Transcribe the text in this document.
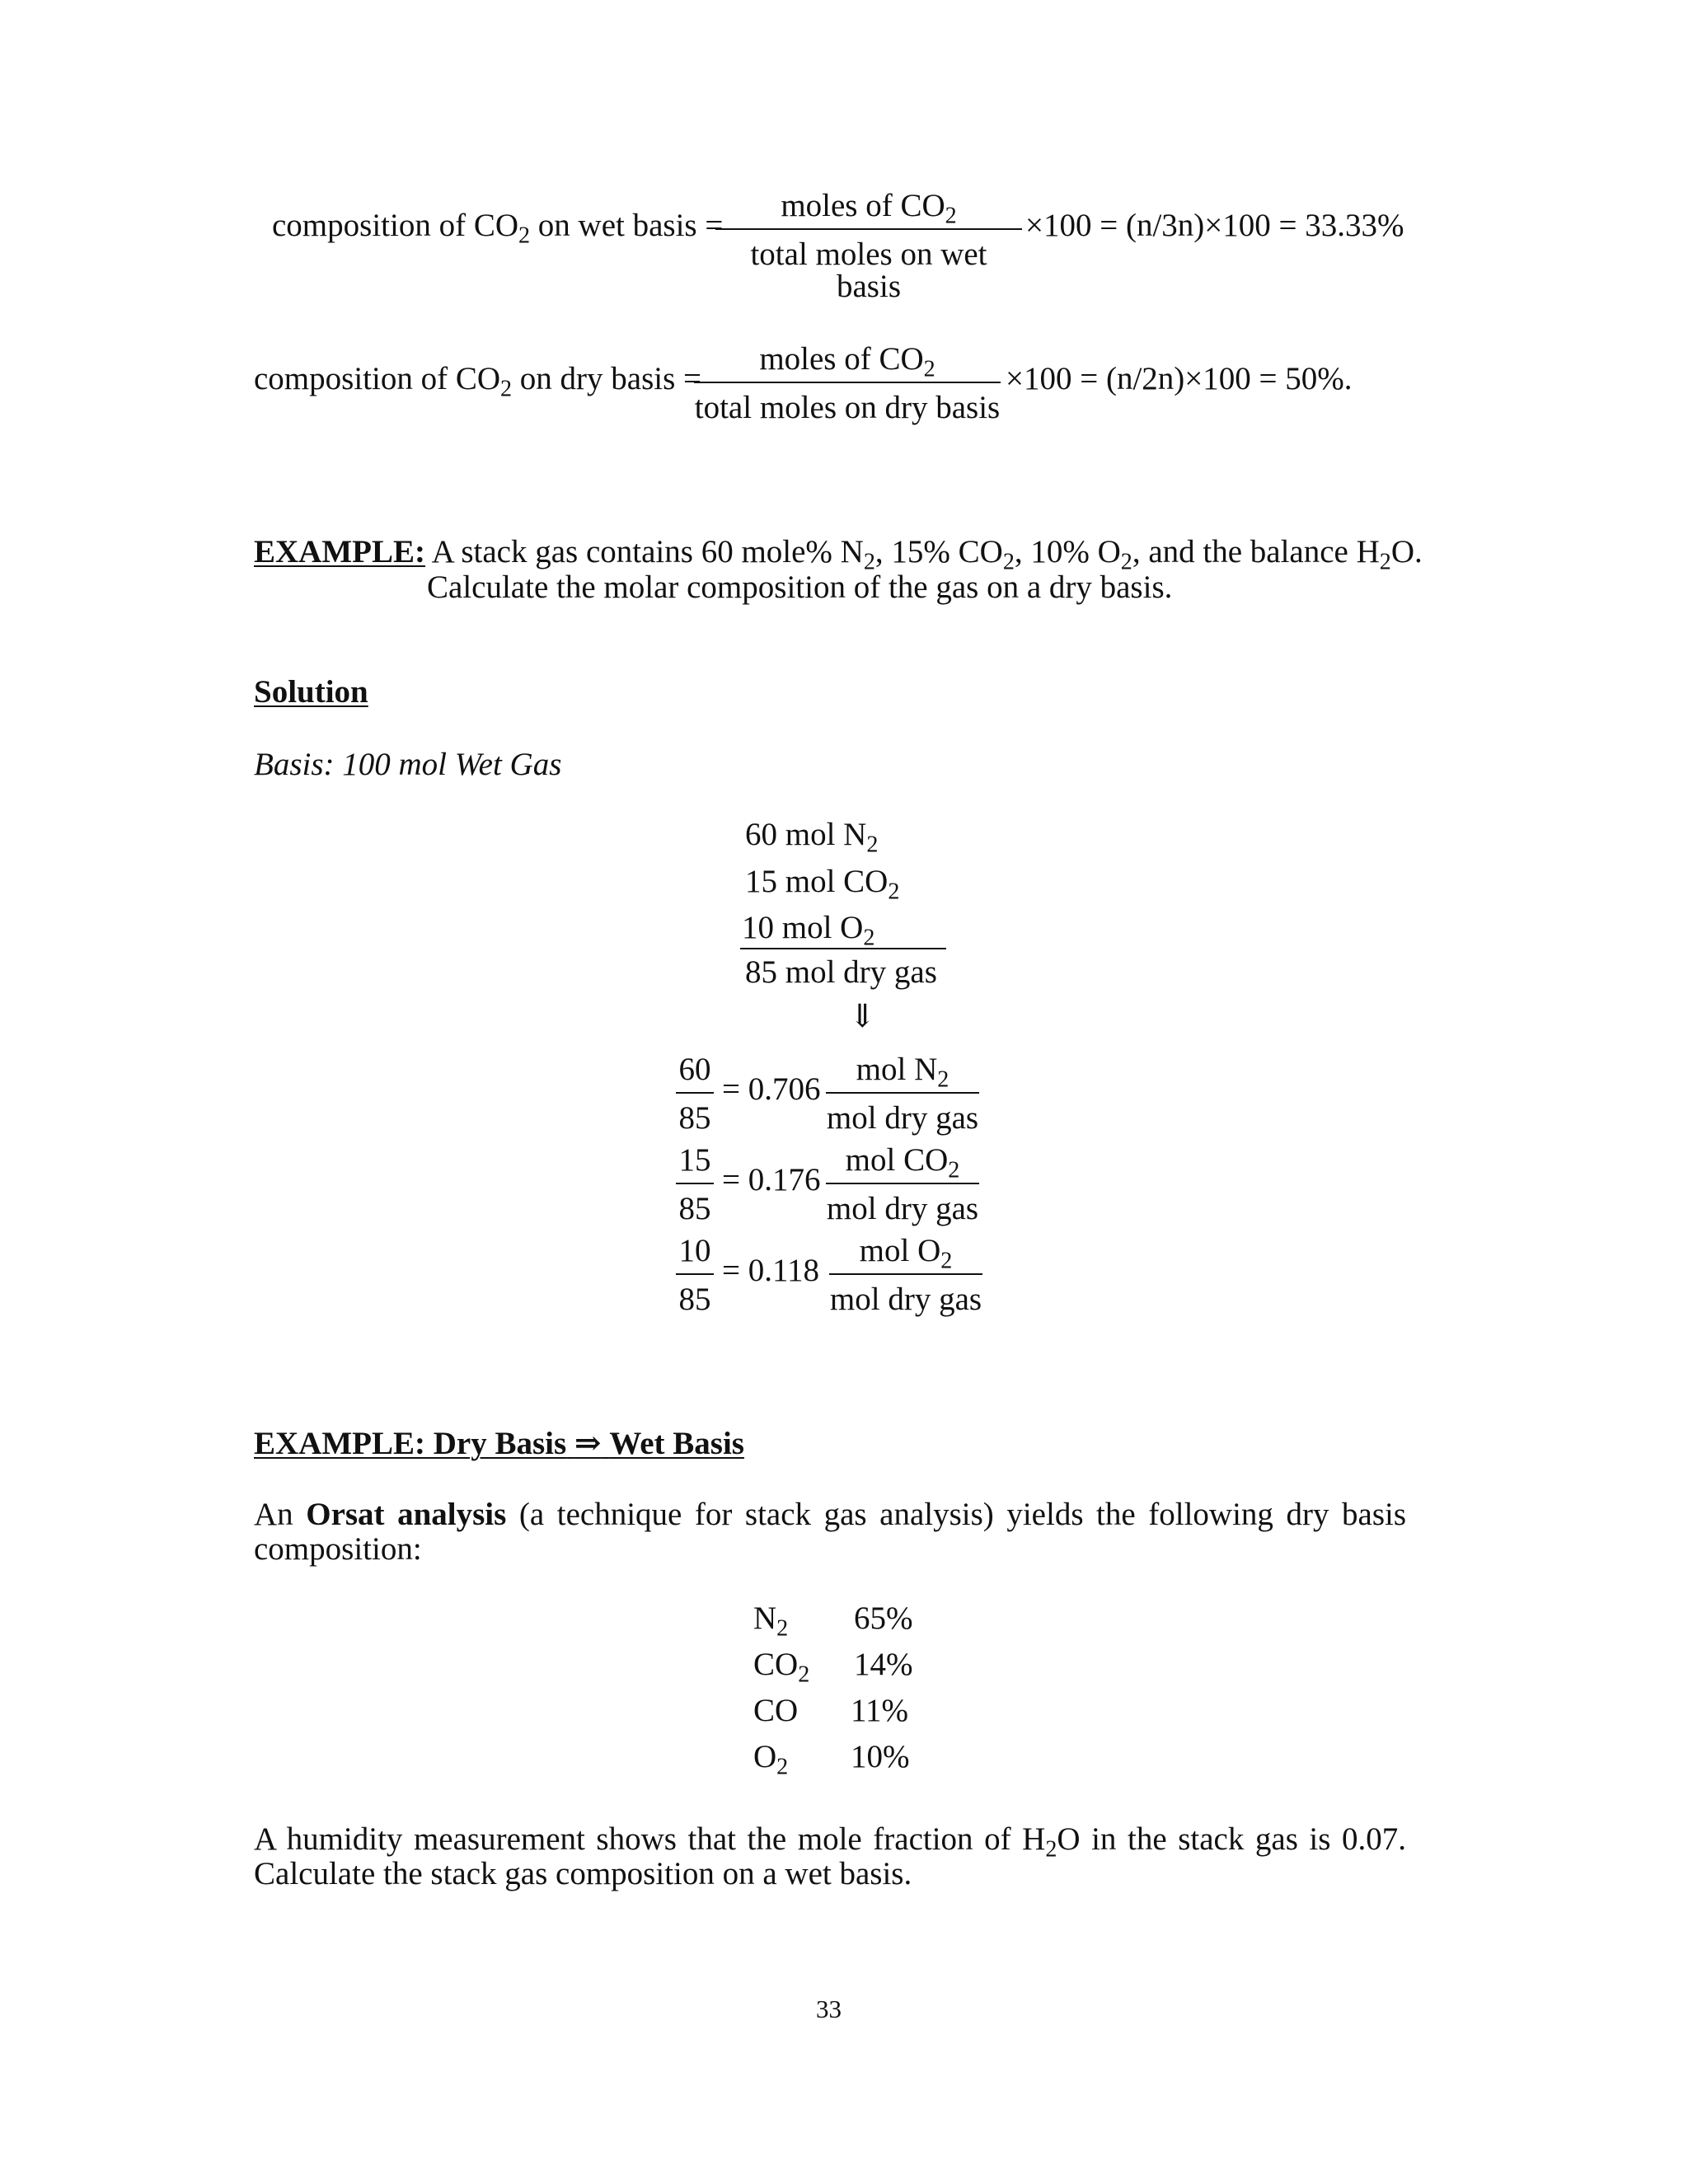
composition of $CO_2$ on wet basis =
moles of $CO_2$
total moles on wet basis
×100 = (n/3n)×100 = 33.33%
composition of $CO_2$ on dry basis =
moles of $CO_2$
total moles on dry basis
×100 = (n/2n)×100 = 50%.
EXAMPLE: A stack gas contains 60 mole% $N_2$, 15% $CO_2$, 10% $O_2$, and the balance $H_2O$.
Calculate the molar composition of the gas on a dry basis.
Solution
Basis: 100 mol Wet Gas
60 mol $N_2$
15 mol $CO_2$
10 mol $O_2$
85 mol dry gas
⇓
60
85
= 0.706
mol $N_2$
mol dry gas
15
85
= 0.176
mol $CO_2$
mol dry gas
10
85
= 0.118
mol $O_2$
mol dry gas
EXAMPLE: Dry Basis ⇒ Wet Basis
An Orsat analysis (a technique for stack gas analysis) yields the following dry basis
composition:
$N_2$ 65%
$CO_2$ 14%
CO 11%
$O_2$ 10%
A humidity measurement shows that the mole fraction of $H_2O$ in the stack gas is 0.07.
Calculate the stack gas composition on a wet basis.
33
